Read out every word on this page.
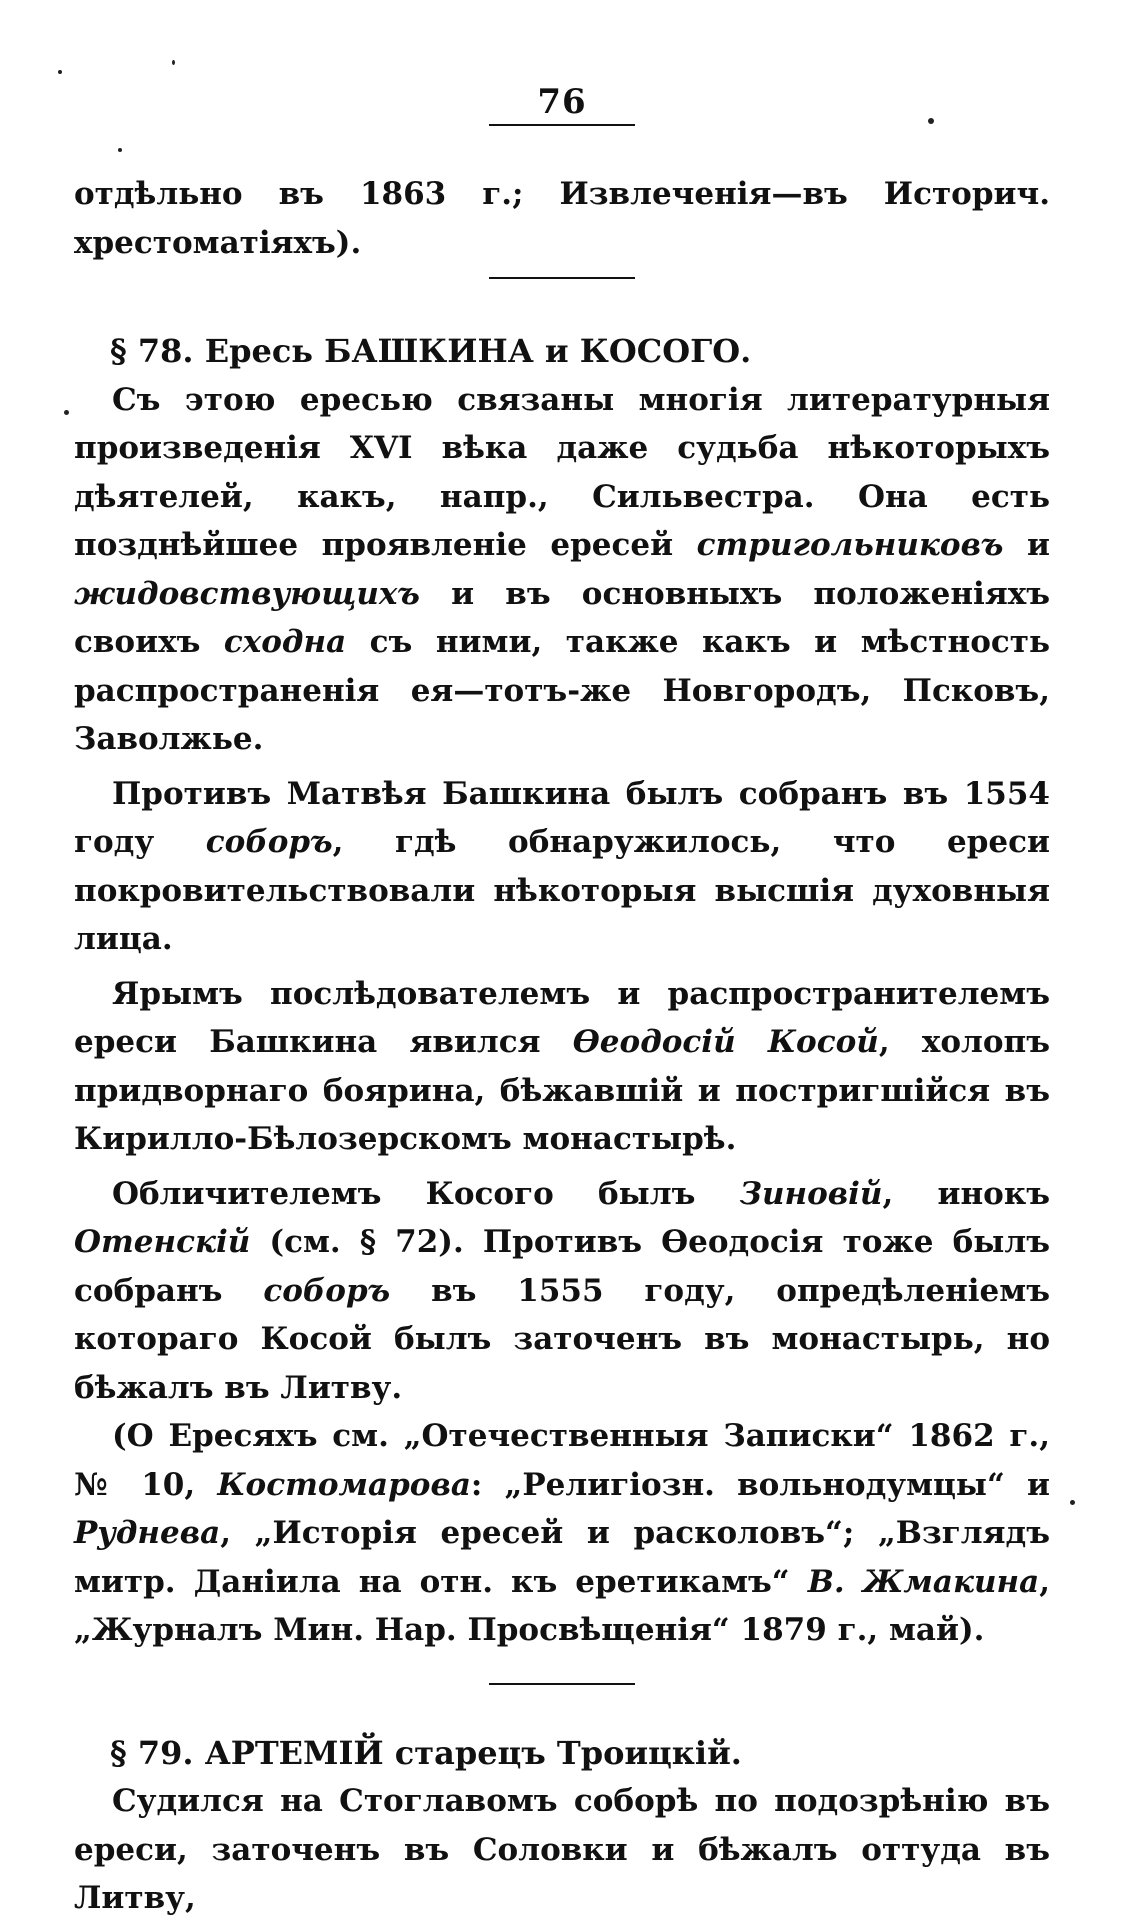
76

отдѣльно въ 1863 г.; Извлеченія—въ Историч. хрестоматіяхъ).

§ 78. Ересь БАШКИНА и КОСОГО.

Съ этою ересью связаны многія литературныя произведенія XVI вѣка даже судьба нѣкоторыхъ дѣятелей, какъ, напр., Сильвестра. Она есть позднѣйшее проявленіе ересей стригольниковъ и жидовствующихъ и въ основныхъ положеніяхъ своихъ сходна съ ними, также какъ и мѣстность распространенія ея—тотъ-же Новгородъ, Псковъ, Заволжье.

Противъ Матвѣя Башкина былъ собранъ въ 1554 году соборъ, гдѣ обнаружилось, что ереси покровительствовали нѣкоторыя высшія духовныя лица.

Ярымъ послѣдователемъ и распространителемъ ереси Башкина явился Ѳеодосій Косой, холопъ придворнаго боярина, бѣжавшій и постригшійся въ Кирилло-Бѣлозерскомъ монастырѣ.

Обличителемъ Косого былъ Зиновій, инокъ Отенскій (см. § 72). Противъ Ѳеодосія тоже былъ собранъ соборъ въ 1555 году, опредѣленіемъ котораго Косой былъ заточенъ въ монастырь, но бѣжалъ въ Литву.

(О Ересяхъ см. „Отечественныя Записки“ 1862 г., № 10, Костомарова: „Религіозн. вольнодумцы“ и Руднева, „Исторія ересей и расколовъ“; „Взглядъ митр. Даніила на отн. къ еретикамъ“ В. Жмакина, „Журналъ Мин. Нар. Просвѣщенія“ 1879 г., май).

§ 79. АРТЕМІЙ старецъ Троицкій.

Судился на Стоглавомъ соборѣ по подозрѣнію въ ереси, заточенъ въ Соловки и бѣжалъ оттуда въ Литву,
